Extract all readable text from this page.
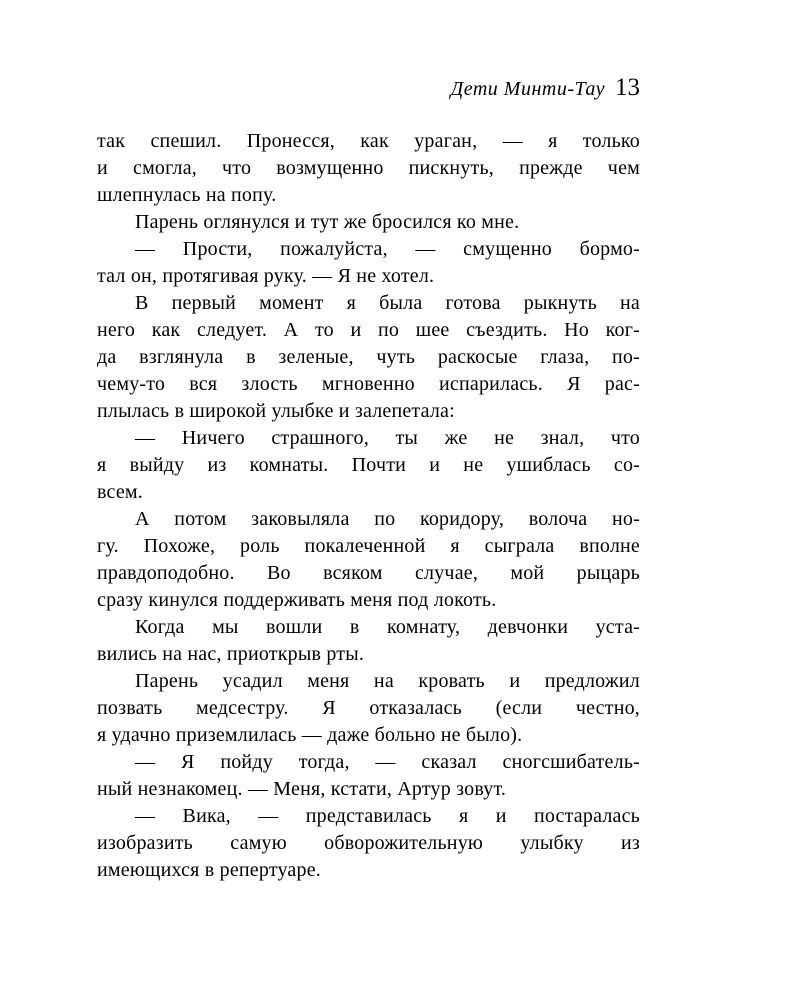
Дети Минти-Тау 13
так спешил. Пронесся, как ураган, — я только
и смогла, что возмущенно пискнуть, прежде чем
шлепнулась на попу.
Парень оглянулся и тут же бросился ко мне.
— Прости, пожалуйста, — смущенно бормо-
тал он, протягивая руку. — Я не хотел.
В первый момент я была готова рыкнуть на
него как следует. А то и по шее съездить. Но ког-
да взглянула в зеленые, чуть раскосые глаза, по-
чему-то вся злость мгновенно испарилась. Я рас-
плылась в широкой улыбке и залепетала:
— Ничего страшного, ты же не знал, что
я выйду из комнаты. Почти и не ушиблась со-
всем.
А потом заковыляла по коридору, волоча но-
гу. Похоже, роль покалеченной я сыграла вполне
правдоподобно. Во всяком случае, мой рыцарь
сразу кинулся поддерживать меня под локоть.
Когда мы вошли в комнату, девчонки уста-
вились на нас, приоткрыв рты.
Парень усадил меня на кровать и предложил
позвать медсестру. Я отказалась (если честно,
я удачно приземлилась — даже больно не было).
— Я пойду тогда, — сказал сногсшибатель-
ный незнакомец. — Меня, кстати, Артур зовут.
— Вика, — представилась я и постаралась
изобразить самую обворожительную улыбку из
имеющихся в репертуаре.
